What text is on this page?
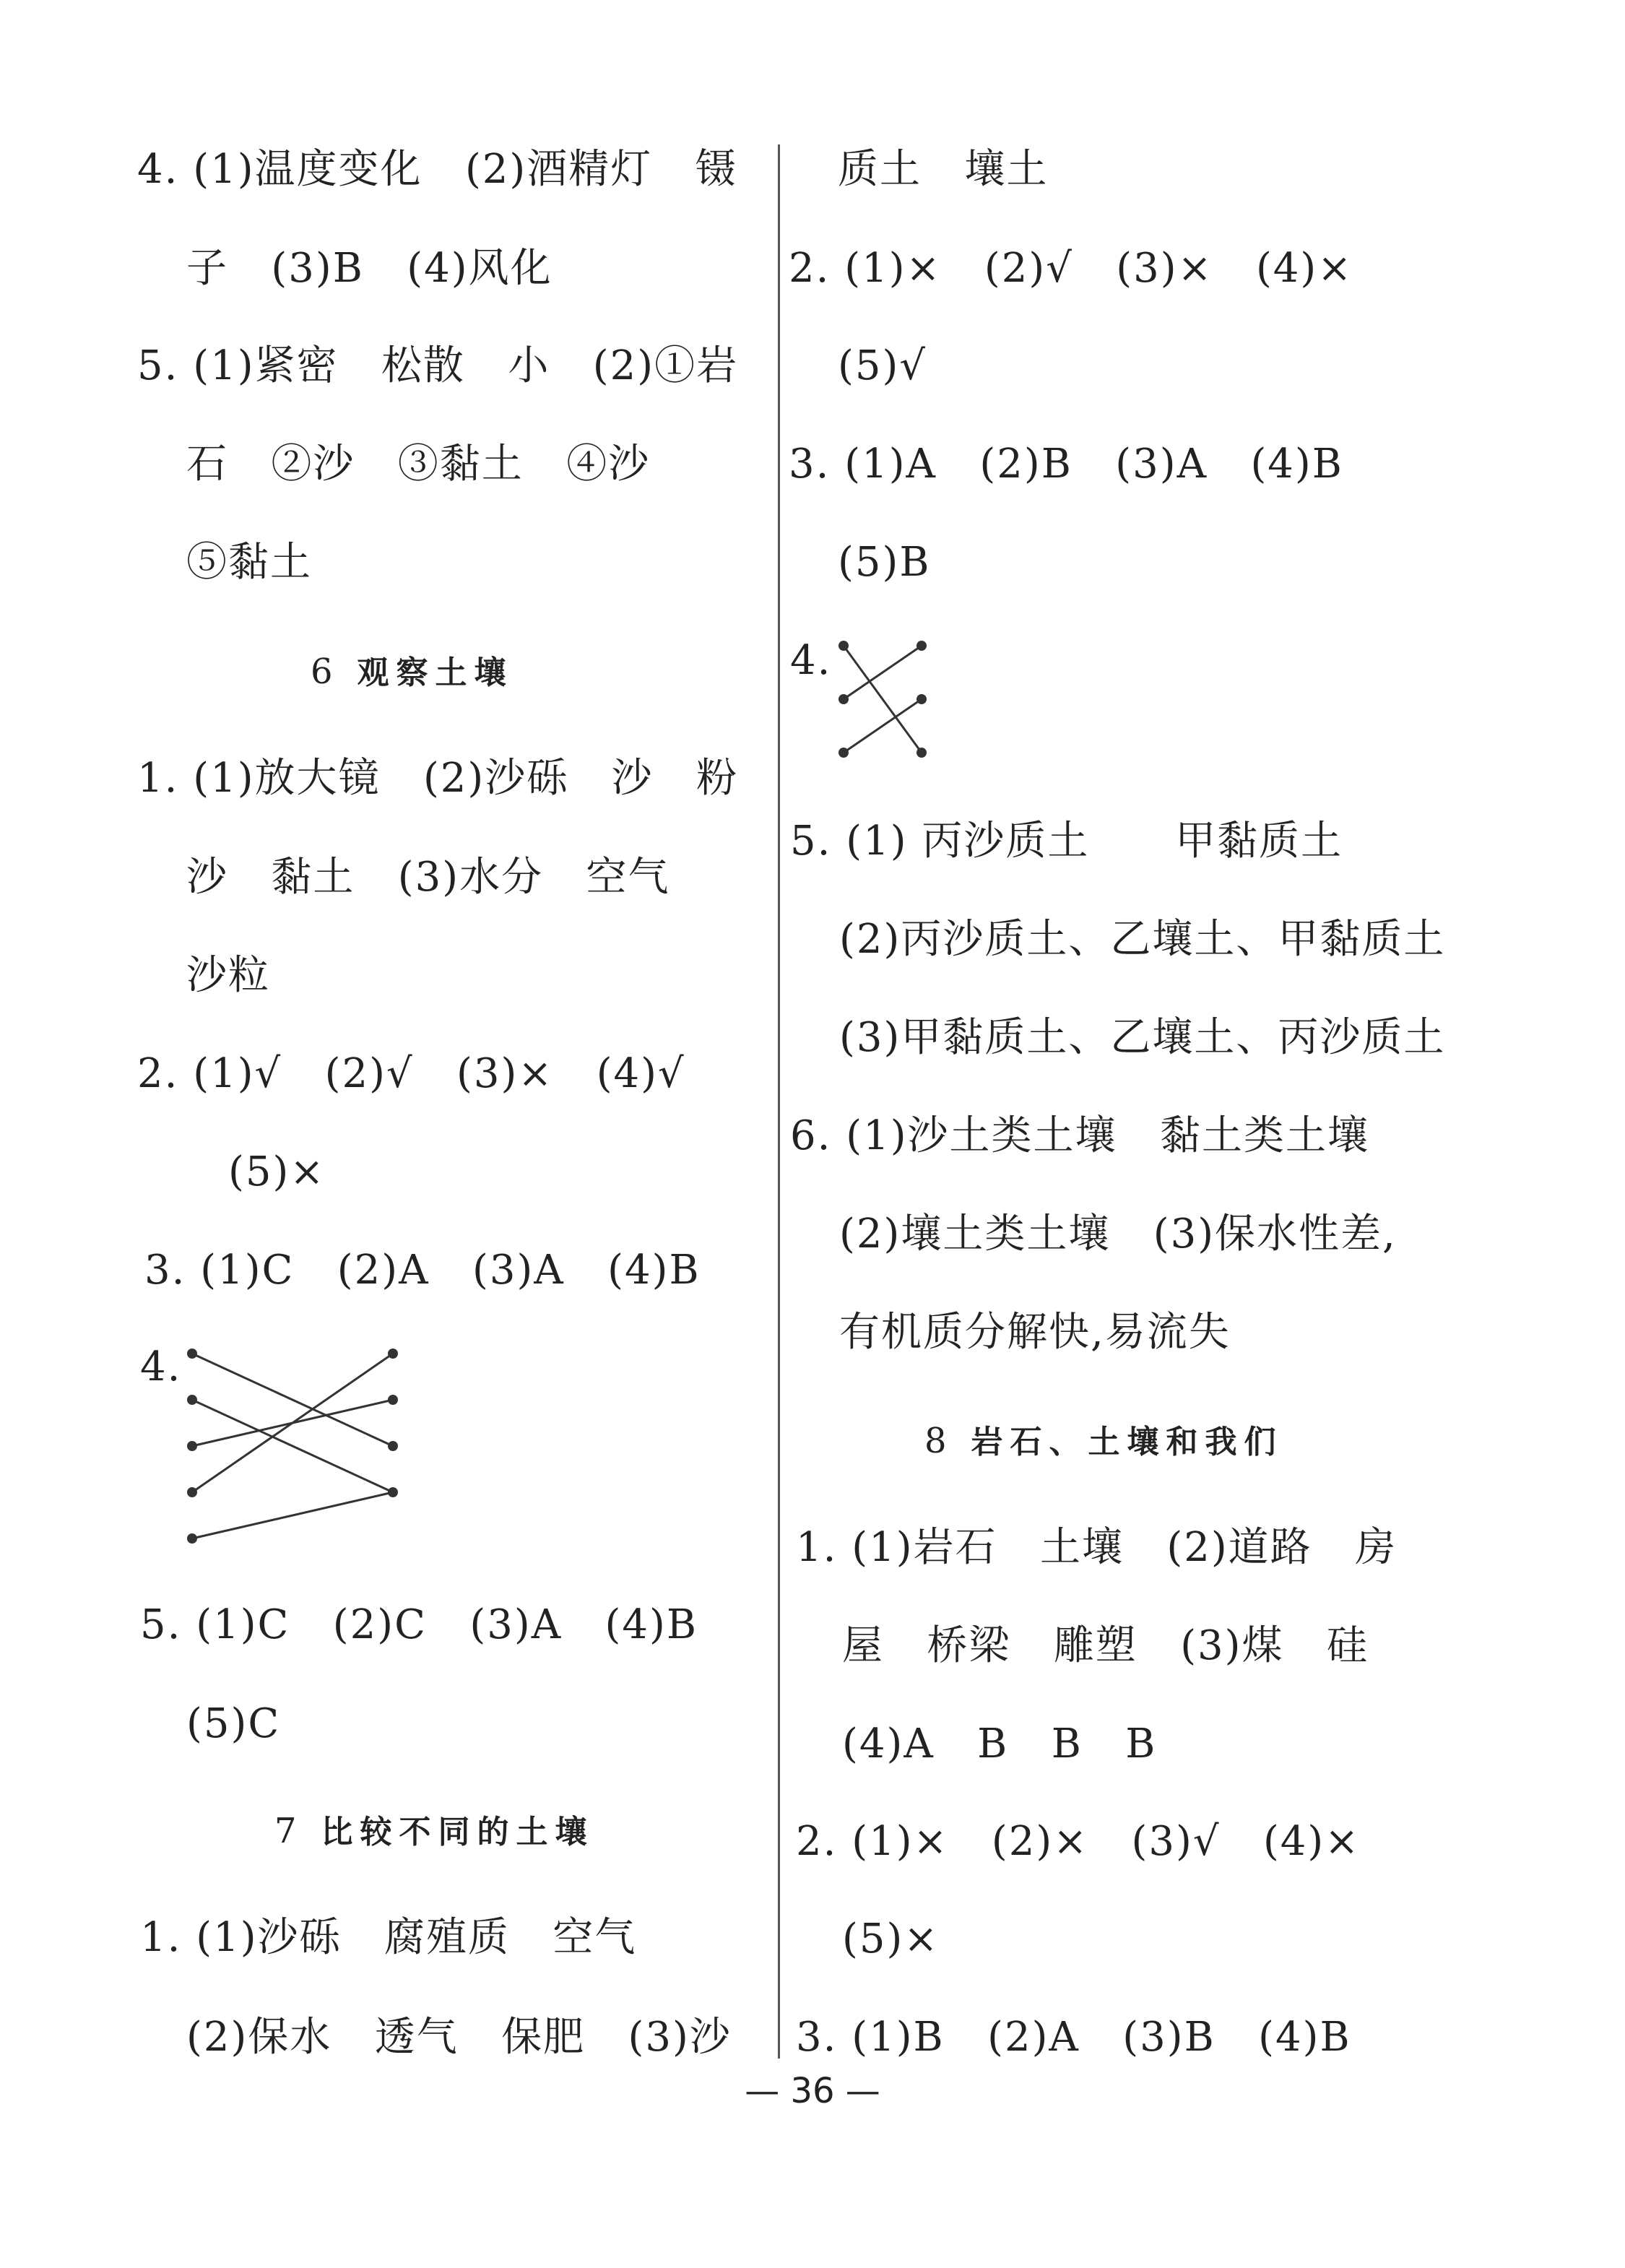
4. (1)温度变化   (2)酒精灯   镊
子   (3)B   (4)风化
5. (1)紧密   松散   小   (2)①岩
石   ②沙   ③黏土   ④沙
⑤黏土
6 观察土壤
1. (1)放大镜   (2)沙砾   沙   粉
沙   黏土   (3)水分   空气
沙粒
2. (1)√   (2)√   (3)×   (4)√
(5)×
3. (1)C   (2)A   (3)A   (4)B
4.
5. (1)C   (2)C   (3)A   (4)B
(5)C
7 比较不同的土壤
1. (1)沙砾   腐殖质   空气
(2)保水   透气   保肥   (3)沙
质土   壤土
2. (1)×   (2)√   (3)×   (4)×
(5)√
3. (1)A   (2)B   (3)A   (4)B
(5)B
4.
5. (1) 丙沙质土      甲黏质土
(2)丙沙质土、乙壤土、甲黏质土
(3)甲黏质土、乙壤土、丙沙质土
6. (1)沙土类土壤   黏土类土壤
(2)壤土类土壤   (3)保水性差,
有机质分解快,易流失
8 岩石、土壤和我们
1. (1)岩石   土壤   (2)道路   房
屋   桥梁   雕塑   (3)煤   硅
(4)A   B   B   B
2. (1)×   (2)×   (3)√   (4)×
(5)×
3. (1)B   (2)A   (3)B   (4)B
— 36 —
